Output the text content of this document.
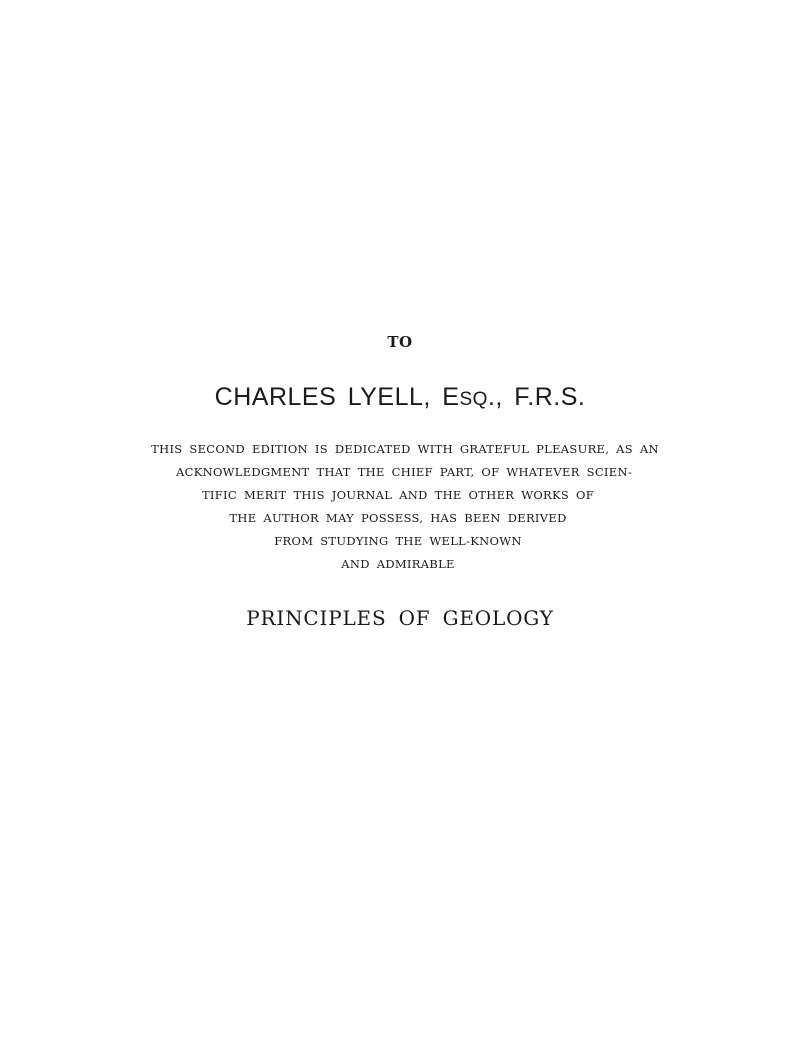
TO
CHARLES LYELL, ESQ., F.R.S.
THIS SECOND EDITION IS DEDICATED WITH GRATEFUL PLEASURE, AS AN
ACKNOWLEDGMENT THAT THE CHIEF PART, OF WHATEVER SCIEN-
TIFIC MERIT THIS JOURNAL AND THE OTHER WORKS OF
THE AUTHOR MAY POSSESS, HAS BEEN DERIVED
FROM STUDYING THE WELL-KNOWN
AND ADMIRABLE
PRINCIPLES OF GEOLOGY
